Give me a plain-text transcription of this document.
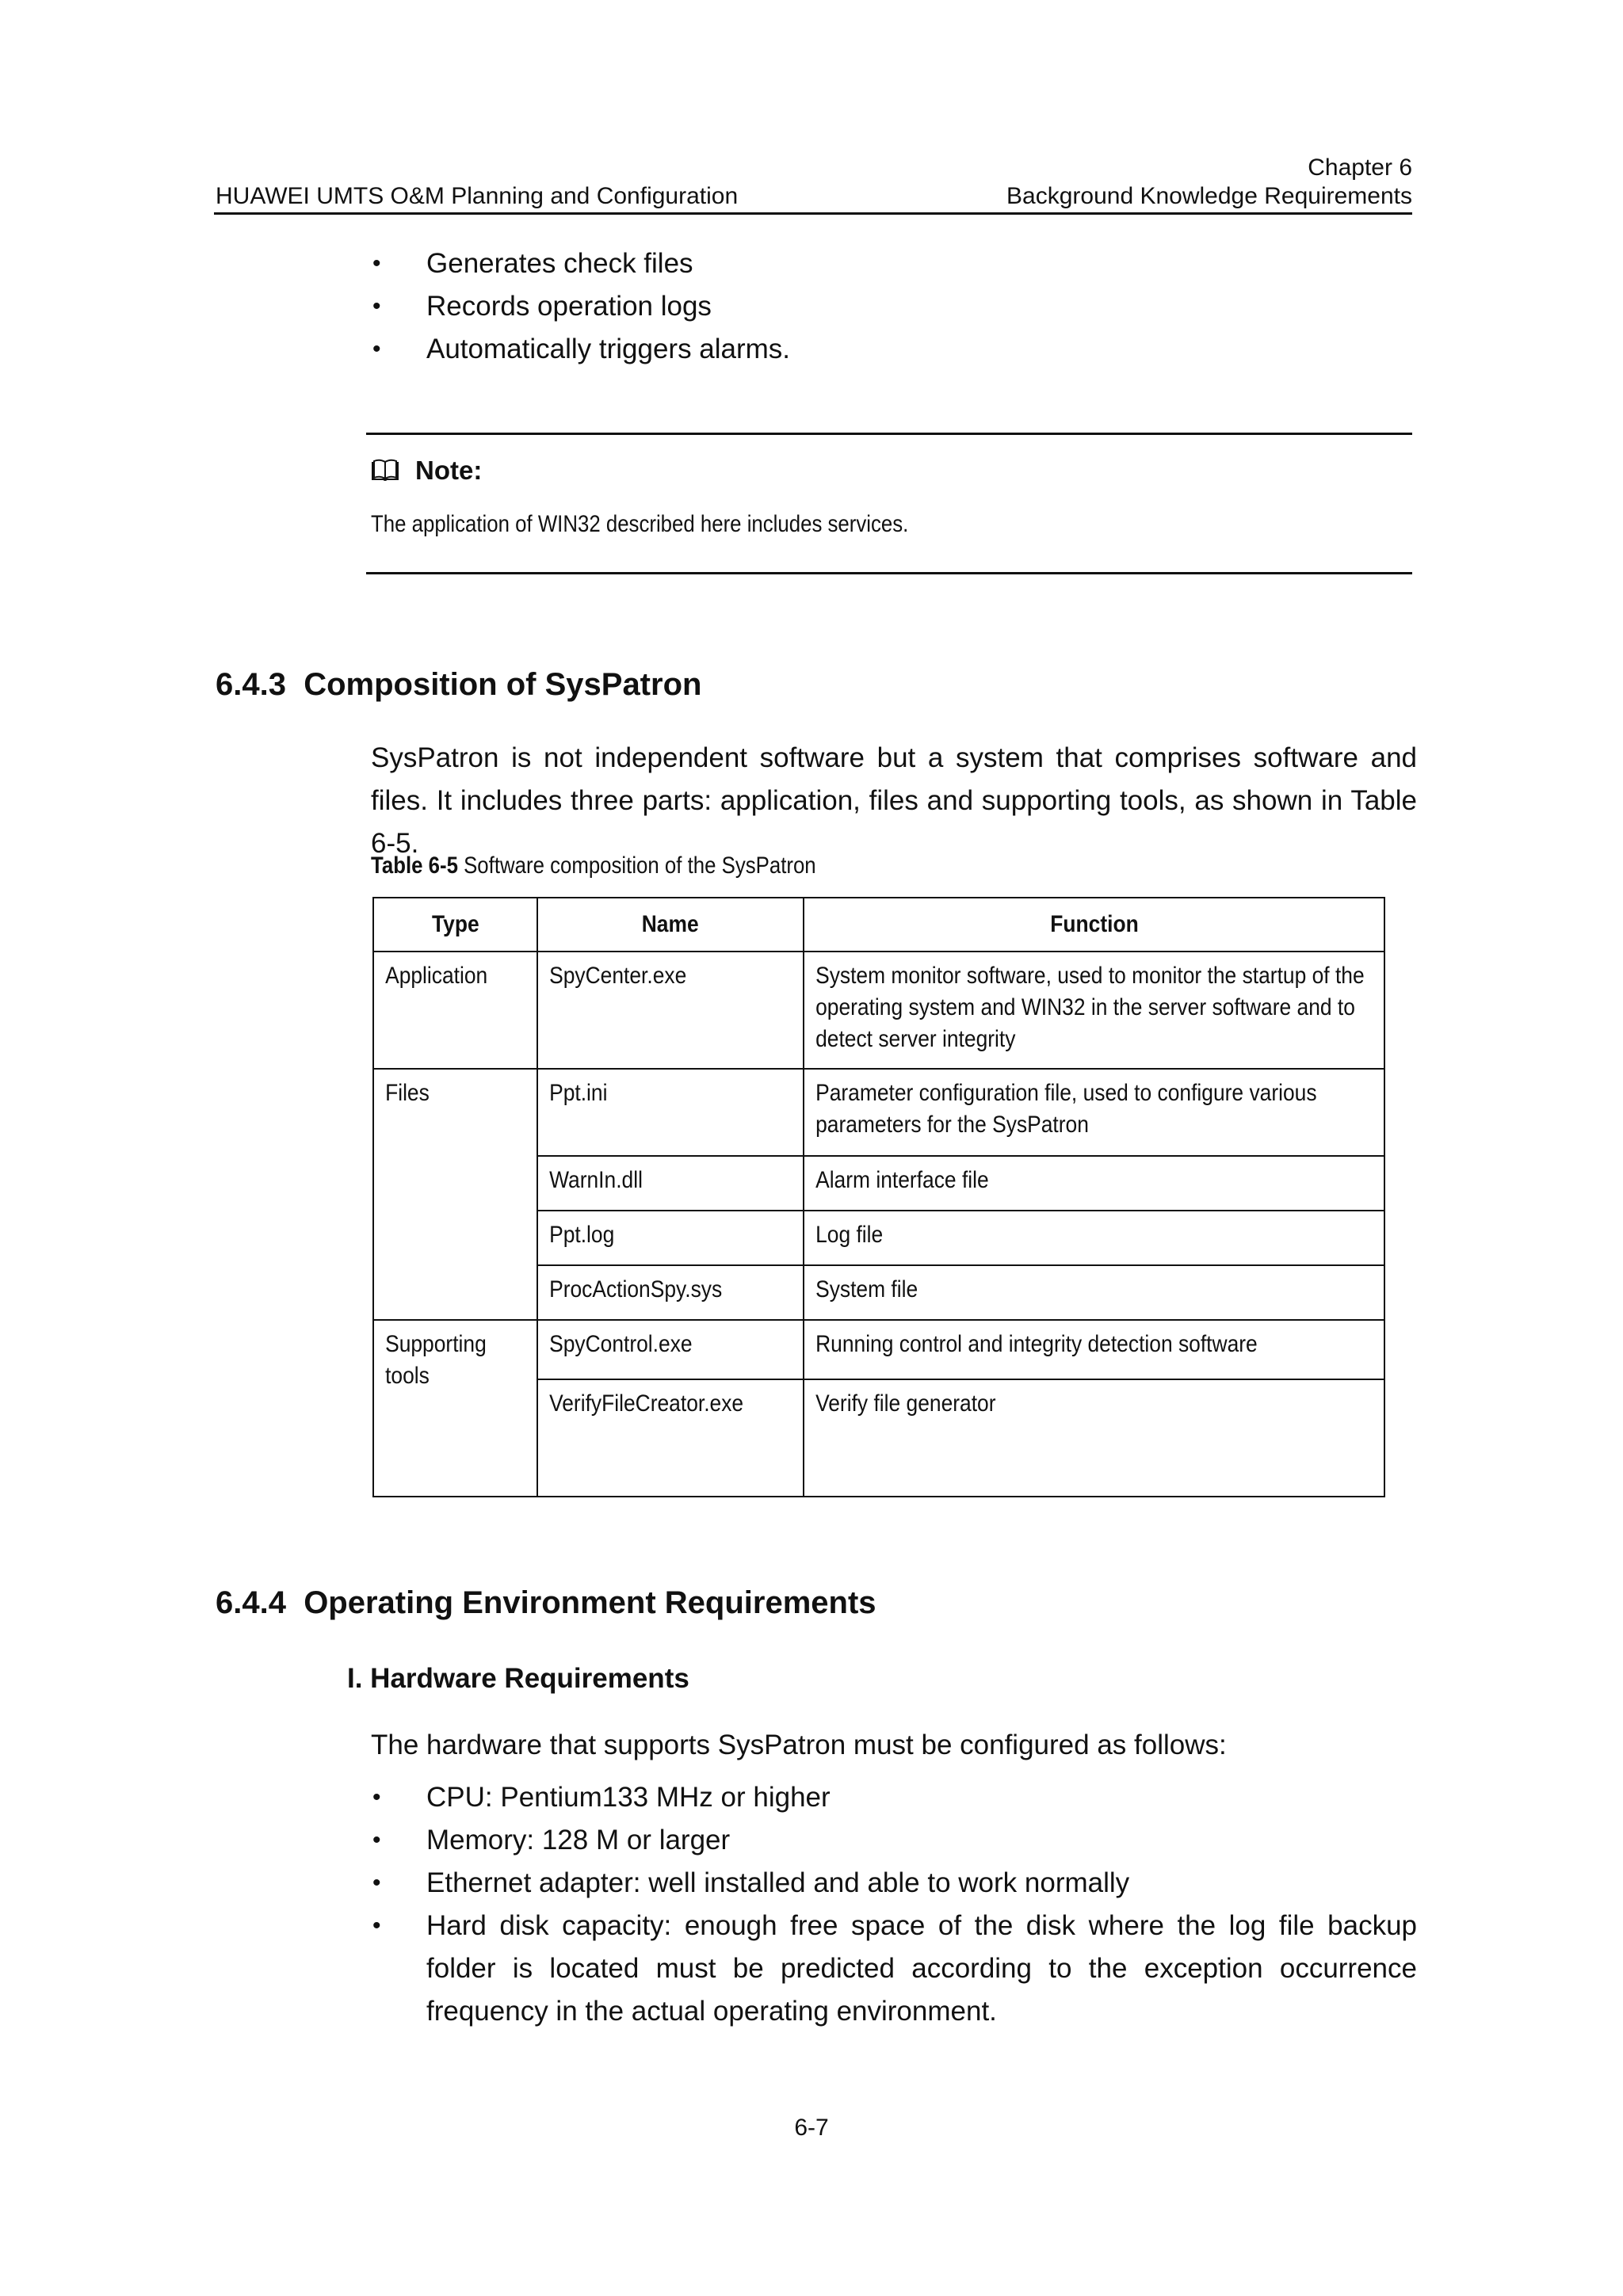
Chapter 6
Background Knowledge Requirements
HUAWEI UMTS O&M Planning and Configuration
• Generates check files
• Records operation logs
• Automatically triggers alarms.
Note:
The application of WIN32 described here includes services.
6.4.3  Composition of SysPatron
SysPatron is not independent software but a system that comprises software and files. It includes three parts: application, files and supporting tools, as shown in Table 6-5.
Table 6-5 Software composition of the SysPatron
Type	Name	Function

Application	SpyCenter.exe	System monitor software, used to monitor the startup of the operating system and WIN32 in the server software and to detect server integrity

Files	Ppt.ini	Parameter configuration file, used to configure various parameters for the SysPatron

	WarnIn.dll	Alarm interface file

	Ppt.log	Log file

	ProcActionSpy.sys	System file

Supporting tools	SpyControl.exe	Running control and integrity detection software

	VerifyFileCreator.exe	Verify file generator
6.4.4  Operating Environment Requirements
I. Hardware Requirements
The hardware that supports SysPatron must be configured as follows:
• CPU: Pentium133 MHz or higher
• Memory: 128 M or larger
• Ethernet adapter: well installed and able to work normally
• Hard disk capacity: enough free space of the disk where the log file backup folder is located must be predicted according to the exception occurrence frequency in the actual operating environment.
6-7
